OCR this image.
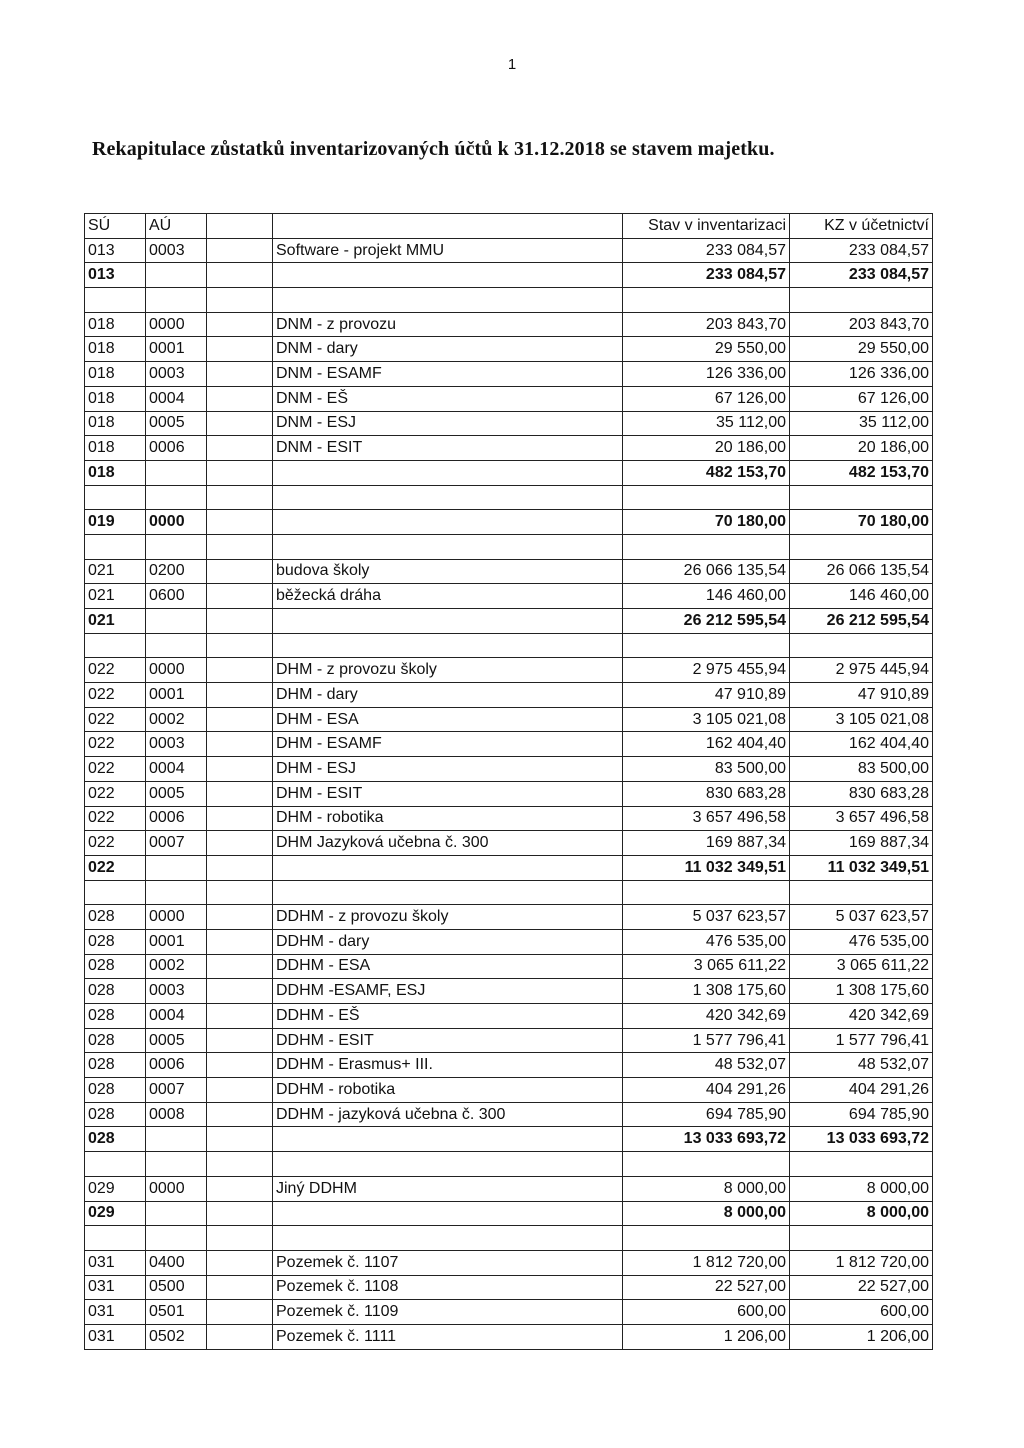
1
Rekapitulace zůstatků inventarizovaných účtů k 31.12.2018 se stavem majetku.
SÚ	AÚ			Stav v inventarizaci	KZ v účetnictví
013	0003		Software - projekt MMU	233 084,57	233 084,57
013				233 084,57	233 084,57

018	0000		DNM - z provozu	203 843,70	203 843,70
018	0001		DNM - dary	29 550,00	29 550,00
018	0003		DNM - ESAMF	126 336,00	126 336,00
018	0004		DNM - EŠ	67 126,00	67 126,00
018	0005		DNM - ESJ	35 112,00	35 112,00
018	0006		DNM - ESIT	20 186,00	20 186,00
018				482 153,70	482 153,70

019	0000			70 180,00	70 180,00

021	0200		budova školy	26 066 135,54	26 066 135,54
021	0600		běžecká dráha	146 460,00	146 460,00
021				26 212 595,54	26 212 595,54

022	0000		DHM - z provozu školy	2 975 455,94	2 975 445,94
022	0001		DHM - dary	47 910,89	47 910,89
022	0002		DHM - ESA	3 105 021,08	3 105 021,08
022	0003		DHM - ESAMF	162 404,40	162 404,40
022	0004		DHM - ESJ	83 500,00	83 500,00
022	0005		DHM - ESIT	830 683,28	830 683,28
022	0006		DHM - robotika	3 657 496,58	3 657 496,58
022	0007		DHM Jazyková učebna č. 300	169 887,34	169 887,34
022				11 032 349,51	11 032 349,51

028	0000		DDHM - z provozu školy	5 037 623,57	5 037 623,57
028	0001		DDHM - dary	476 535,00	476 535,00
028	0002		DDHM - ESA	3 065 611,22	3 065 611,22
028	0003		DDHM -ESAMF, ESJ	1 308 175,60	1 308 175,60
028	0004		DDHM - EŠ	420 342,69	420 342,69
028	0005		DDHM - ESIT	1 577 796,41	1 577 796,41
028	0006		DDHM - Erasmus+ III.	48 532,07	48 532,07
028	0007		DDHM - robotika	404 291,26	404 291,26
028	0008		DDHM - jazyková učebna č. 300	694 785,90	694 785,90
028				13 033 693,72	13 033 693,72

029	0000		Jiný DDHM	8 000,00	8 000,00
029				8 000,00	8 000,00

031	0400		Pozemek č. 1107	1 812 720,00	1 812 720,00
031	0500		Pozemek č. 1108	22 527,00	22 527,00
031	0501		Pozemek č. 1109	600,00	600,00
031	0502		Pozemek č. 1111	1 206,00	1 206,00
